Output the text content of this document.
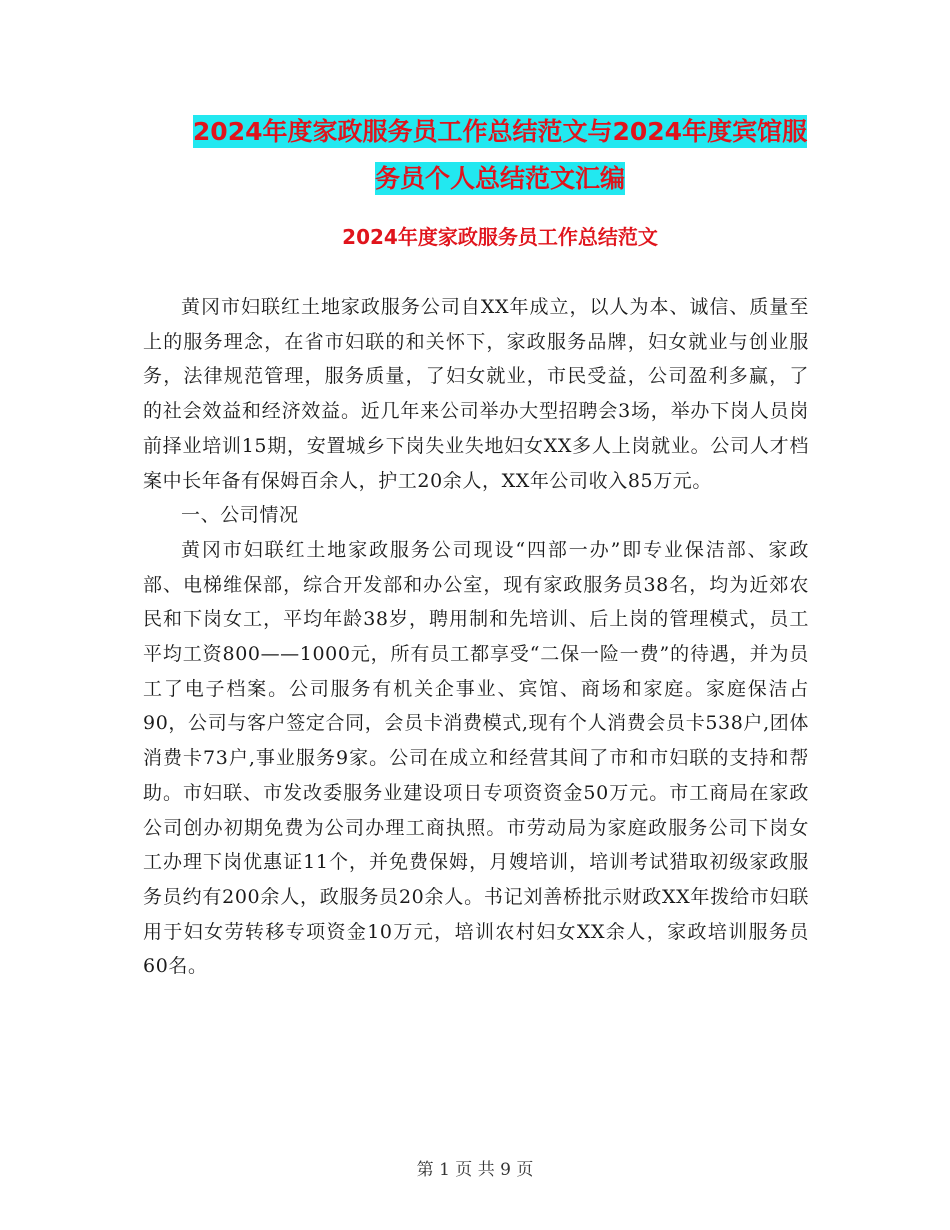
2024年度家政服务员工作总结范文与2024年度宾馆服
务员个人总结范文汇编
2024年度家政服务员工作总结范文

黄冈市妇联红土地家政服务公司自XX年成立，以人为本、诚信、质量至上的服务理念，在省市妇联的和关怀下，家政服务品牌，妇女就业与创业服务，法律规范管理，服务质量，了妇女就业，市民受益，公司盈利多赢，了的社会效益和经济效益。近几年来公司举办大型招聘会3场，举办下岗人员岗前择业培训15期，安置城乡下岗失业失地妇女XX多人上岗就业。公司人才档案中长年备有保姆百余人，护工20余人，XX年公司收入85万元。

一、公司情况

黄冈市妇联红土地家政服务公司现设“四部一办”即专业保洁部、家政部、电梯维保部，综合开发部和办公室，现有家政服务员38名，均为近郊农民和下岗女工，平均年龄38岁，聘用制和先培训、后上岗的管理模式，员工平均工资800——1000元，所有员工都享受“二保一险一费”的待遇，并为员工了电子档案。公司服务有机关企事业、宾馆、商场和家庭。家庭保洁占90，公司与客户签定合同，会员卡消费模式,现有个人消费会员卡538户,团体消费卡73户,事业服务9家。公司在成立和经营其间了市和市妇联的支持和帮助。市妇联、市发改委服务业建设项日专项资资金50万元。市工商局在家政公司创办初期免费为公司办理工商执照。市劳动局为家庭政服务公司下岗女工办理下岗优惠证11个，并免费保姆，月嫂培训，培训考试猎取初级家政服务员约有200余人，政服务员20余人。书记刘善桥批示财政XX年拨给市妇联用于妇女劳转移专项资金10万元，培训农村妇女XX余人，家政培训服务员60名。

第 1 页 共 9 页
